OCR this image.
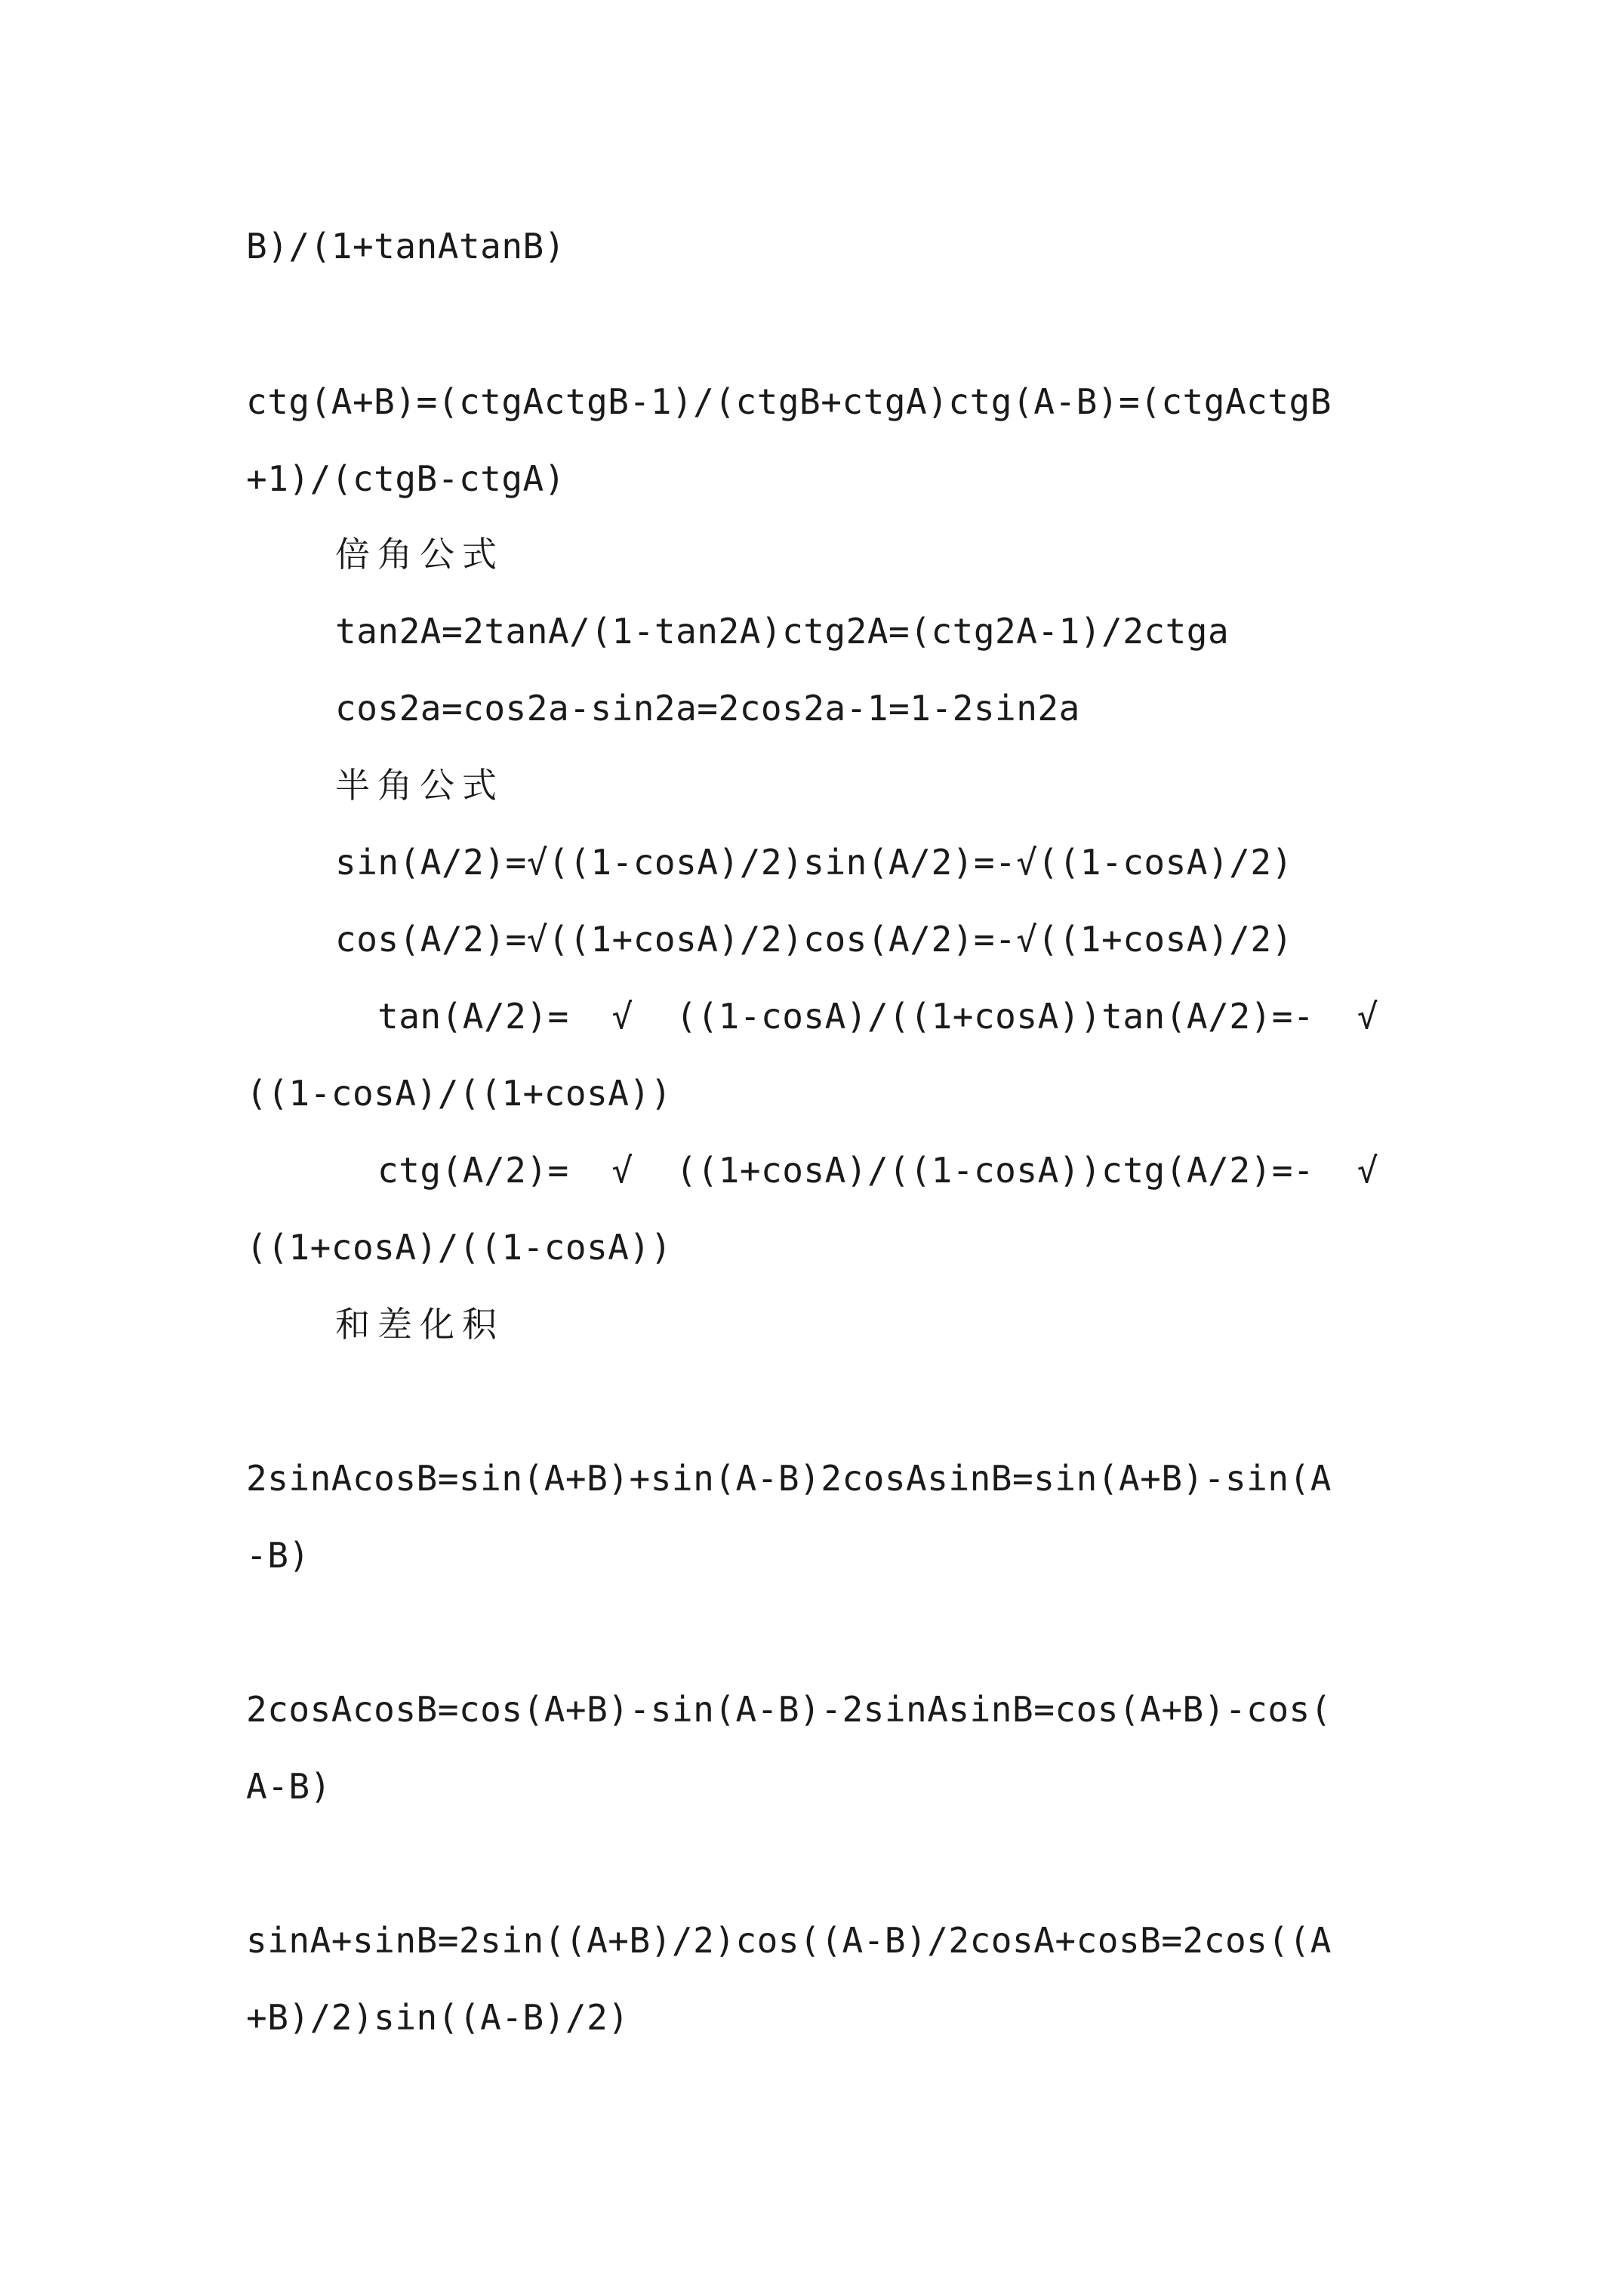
B)/(1+tanAtanB)
ctg(A+B)=(ctgActgB-1)/(ctgB+ctgA)ctg(A-B)=(ctgActgB
+1)/(ctgB-ctgA)
倍角公式
tan2A=2tanA/(1-tan2A)ctg2A=(ctg2A-1)/2ctga
cos2a=cos2a-sin2a=2cos2a-1=1-2sin2a
半角公式
sin(A/2)=√((1-cosA)/2)sin(A/2)=-√((1-cosA)/2)
cos(A/2)=√((1+cosA)/2)cos(A/2)=-√((1+cosA)/2)
tan(A/2)= √ ((1-cosA)/((1+cosA))tan(A/2)=- √
((1-cosA)/((1+cosA))
ctg(A/2)= √ ((1+cosA)/((1-cosA))ctg(A/2)=- √
((1+cosA)/((1-cosA))
和差化积
2sinAcosB=sin(A+B)+sin(A-B)2cosAsinB=sin(A+B)-sin(A
-B)
2cosAcosB=cos(A+B)-sin(A-B)-2sinAsinB=cos(A+B)-cos(
A-B)
sinA+sinB=2sin((A+B)/2)cos((A-B)/2cosA+cosB=2cos((A
+B)/2)sin((A-B)/2)
